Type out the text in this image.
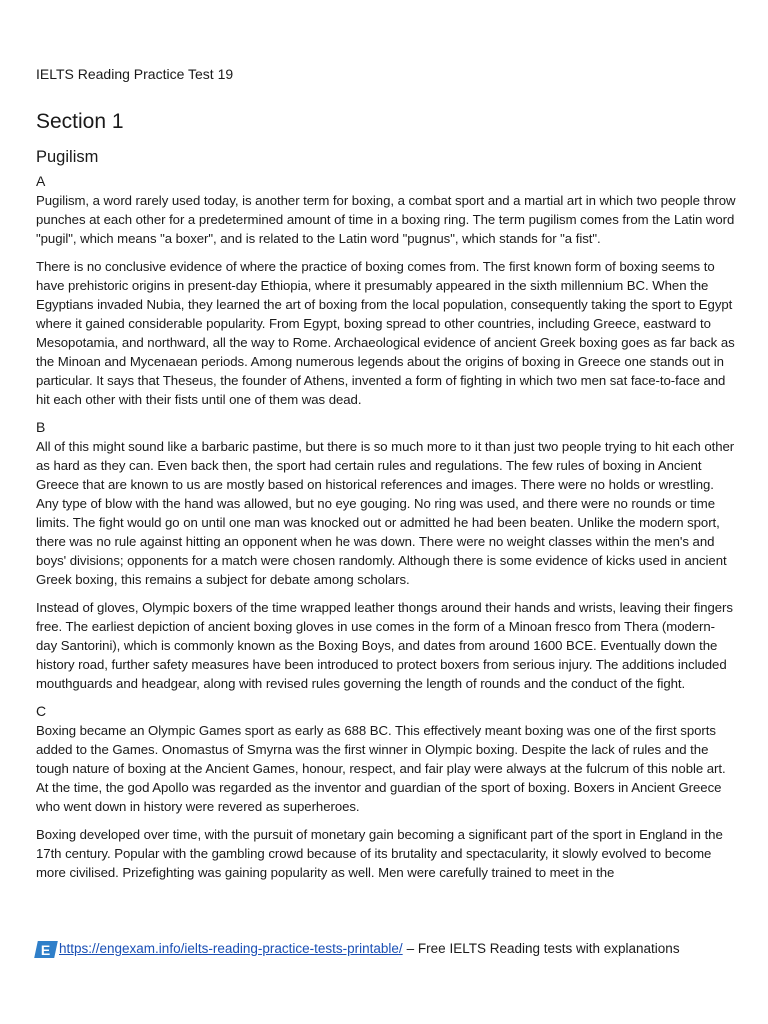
IELTS Reading Practice Test 19
Section 1
Pugilism
A

Pugilism, a word rarely used today, is another term for boxing, a combat sport and a martial art in which two people throw punches at each other for a predetermined amount of time in a boxing ring. The term pugilism comes from the Latin word "pugil", which means "a boxer", and is related to the Latin word "pugnus", which stands for "a fist".

There is no conclusive evidence of where the practice of boxing comes from. The first known form of boxing seems to have prehistoric origins in present-day Ethiopia, where it presumably appeared in the sixth millennium BC. When the Egyptians invaded Nubia, they learned the art of boxing from the local population, consequently taking the sport to Egypt where it gained considerable popularity. From Egypt, boxing spread to other countries, including Greece, eastward to Mesopotamia, and northward, all the way to Rome. Archaeological evidence of ancient Greek boxing goes as far back as the Minoan and Mycenaean periods. Among numerous legends about the origins of boxing in Greece one stands out in particular. It says that Theseus, the founder of Athens, invented a form of fighting in which two men sat face-to-face and hit each other with their fists until one of them was dead.

B

All of this might sound like a barbaric pastime, but there is so much more to it than just two people trying to hit each other as hard as they can. Even back then, the sport had certain rules and regulations. The few rules of boxing in Ancient Greece that are known to us are mostly based on historical references and images. There were no holds or wrestling. Any type of blow with the hand was allowed, but no eye gouging. No ring was used, and there were no rounds or time limits. The fight would go on until one man was knocked out or admitted he had been beaten. Unlike the modern sport, there was no rule against hitting an opponent when he was down. There were no weight classes within the men's and boys' divisions; opponents for a match were chosen randomly. Although there is some evidence of kicks used in ancient Greek boxing, this remains a subject for debate among scholars.

Instead of gloves, Olympic boxers of the time wrapped leather thongs around their hands and wrists, leaving their fingers free. The earliest depiction of ancient boxing gloves in use comes in the form of a Minoan fresco from Thera (modern-day Santorini), which is commonly known as the Boxing Boys, and dates from around 1600 BCE. Eventually down the history road, further safety measures have been introduced to protect boxers from serious injury. The additions included mouthguards and headgear, along with revised rules governing the length of rounds and the conduct of the fight.

C

Boxing became an Olympic Games sport as early as 688 BC. This effectively meant boxing was one of the first sports added to the Games. Onomastus of Smyrna was the first winner in Olympic boxing. Despite the lack of rules and the tough nature of boxing at the Ancient Games, honour, respect, and fair play were always at the fulcrum of this noble art. At the time, the god Apollo was regarded as the inventor and guardian of the sport of boxing. Boxers in Ancient Greece who went down in history were revered as superheroes.

Boxing developed over time, with the pursuit of monetary gain becoming a significant part of the sport in England in the 17th century. Popular with the gambling crowd because of its brutality and spectacularity, it slowly evolved to become more civilised. Prizefighting was gaining popularity as well. Men were carefully trained to meet in the

E https://engexam.info/ielts-reading-practice-tests-printable/ – Free IELTS Reading tests with explanations
